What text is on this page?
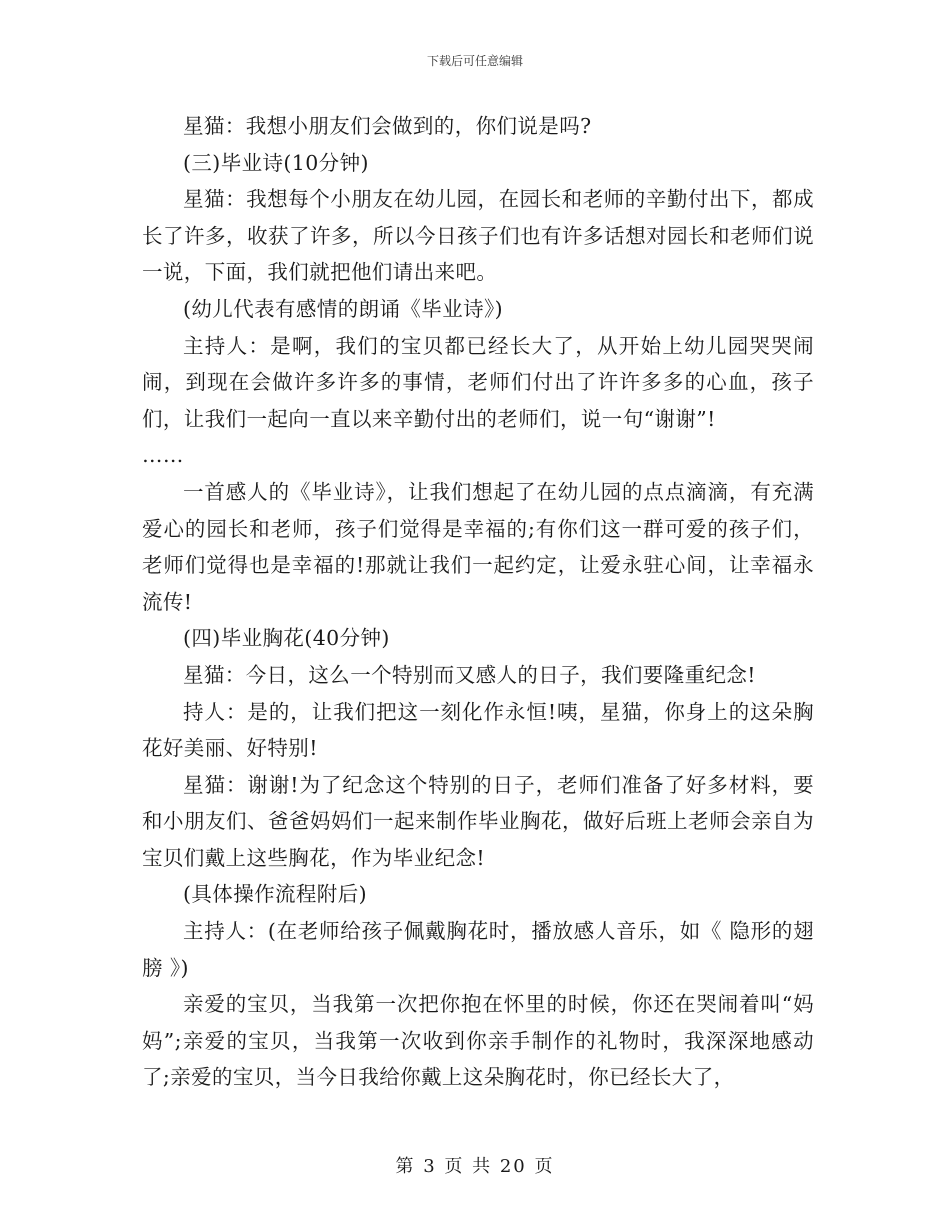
下载后可任意编辑

星猫：我想小朋友们会做到的，你们说是吗?

(三)毕业诗(10分钟)

星猫：我想每个小朋友在幼儿园，在园长和老师的辛勤付出下，都成长了许多，收获了许多，所以今日孩子们也有许多话想对园长和老师们说一说，下面，我们就把他们请出来吧。

(幼儿代表有感情的朗诵《毕业诗》)

主持人：是啊，我们的宝贝都已经长大了，从开始上幼儿园哭哭闹闹，到现在会做许多许多的事情，老师们付出了许许多多的心血，孩子们，让我们一起向一直以来辛勤付出的老师们，说一句“谢谢”!

……

一首感人的《毕业诗》，让我们想起了在幼儿园的点点滴滴，有充满爱心的园长和老师，孩子们觉得是幸福的;有你们这一群可爱的孩子们，老师们觉得也是幸福的!那就让我们一起约定，让爱永驻心间，让幸福永流传!

(四)毕业胸花(40分钟)

星猫：今日，这么一个特别而又感人的日子，我们要隆重纪念!

持人：是的，让我们把这一刻化作永恒!咦，星猫，你身上的这朵胸花好美丽、好特别!

星猫：谢谢!为了纪念这个特别的日子，老师们准备了好多材料，要和小朋友们、爸爸妈妈们一起来制作毕业胸花，做好后班上老师会亲自为宝贝们戴上这些胸花，作为毕业纪念!

(具体操作流程附后)

主持人：(在老师给孩子佩戴胸花时，播放感人音乐，如《 隐形的翅膀 》)

亲爱的宝贝，当我第一次把你抱在怀里的时候，你还在哭闹着叫“妈妈”;亲爱的宝贝，当我第一次收到你亲手制作的礼物时，我深深地感动了;亲爱的宝贝，当今日我给你戴上这朵胸花时，你已经长大了，

第 3 页 共 20 页
